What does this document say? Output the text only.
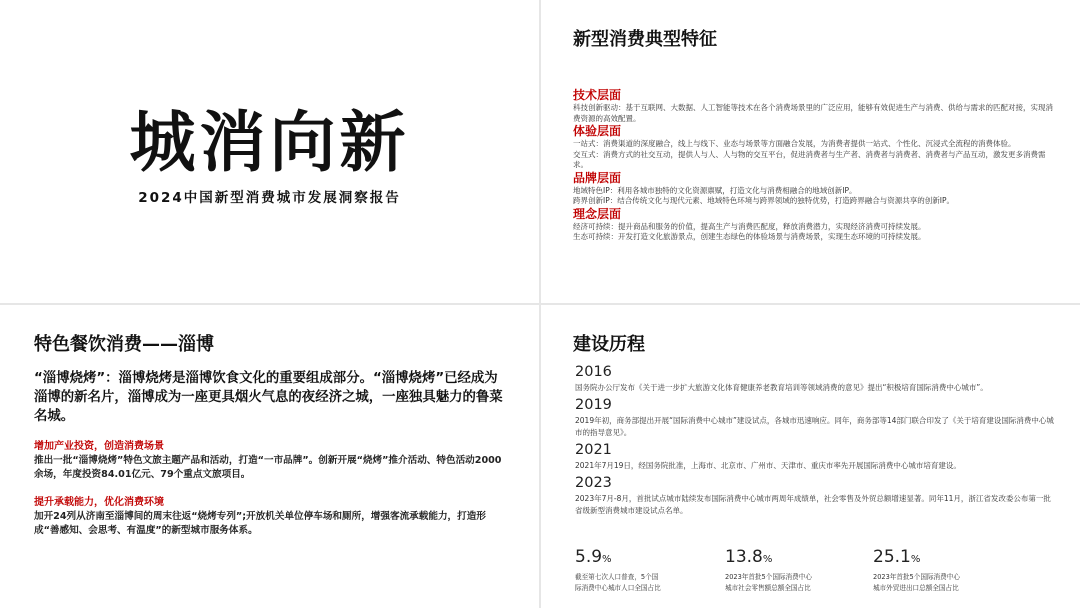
城消向新
2024中国新型消费城市发展洞察报告
新型消费典型特征
技术层面
科技创新驱动：基于互联网、大数据、人工智能等技术在各个消费场景里的广泛应用，能够有效促进生产与消费、供给与需求的匹配对接，实现消费资源的高效配置。
体验层面
一站式：消费渠道的深度融合，线上与线下、业态与场景等方面融合发展，为消费者提供一站式、个性化、沉浸式全流程的消费体验。
交互式：消费方式的社交互动，提供人与人、人与物的交互平台，促进消费者与生产者、消费者与消费者、消费者与产品互动，激发更多消费需求。
品牌层面
地域特色IP：利用各城市独特的文化资源禀赋，打造文化与消费相融合的地域创新IP。
跨界创新IP：结合传统文化与现代元素、地域特色环境与跨界领域的独特优势，打造跨界融合与资源共享的创新IP。
理念层面
经济可持续：提升商品和服务的价值，提高生产与消费匹配度，释放消费潜力，实现经济消费可持续发展。
生态可持续：开发打造文化旅游景点，创建生态绿色的体验场景与消费场景，实现生态环境的可持续发展。
特色餐饮消费——淄博
“淄博烧烤”：淄博烧烤是淄博饮食文化的重要组成部分。“淄博烧烤”已经成为淄博的新名片，淄博成为一座更具烟火气息的夜经济之城，一座独具魅力的鲁菜名城。
增加产业投资，创造消费场景
推出一批“淄博烧烤”特色文旅主题产品和活动，打造“一市品牌”。创新开展“烧烤”推介活动、特色活动2000余场，年度投资84.01亿元、79个重点文旅项目。
提升承载能力，优化消费环境
加开24列从济南至淄博间的周末往返“烧烤专列”;开放机关单位停车场和厕所，增强客流承载能力，打造形成“善感知、会思考、有温度”的新型城市服务体系。
建设历程
2016
国务院办公厅发布《关于进一步扩大旅游文化体育健康养老教育培训等领域消费的意见》提出“积极培育国际消费中心城市”。
2019
2019年初，商务部提出开展“国际消费中心城市”建设试点，各城市迅速响应。同年，商务部等14部门联合印发了《关于培育建设国际消费中心城市的指导意见》。
2021
2021年7月19日，经国务院批准，上海市、北京市、广州市、天津市、重庆市率先开展国际消费中心城市培育建设。
2023
2023年7月-8月，首批试点城市陆续发布国际消费中心城市两周年成绩单，社会零售及外贸总额增速显著。同年11月，浙江省发改委公布第一批省级新型消费城市建设试点名单。
5.9%
截至第七次人口普查，5个国
际消费中心城市人口全国占比
13.8%
2023年首批5个国际消费中心
城市社会零售额总额全国占比
25.1%
2023年首批5个国际消费中心
城市外贸进出口总额全国占比
